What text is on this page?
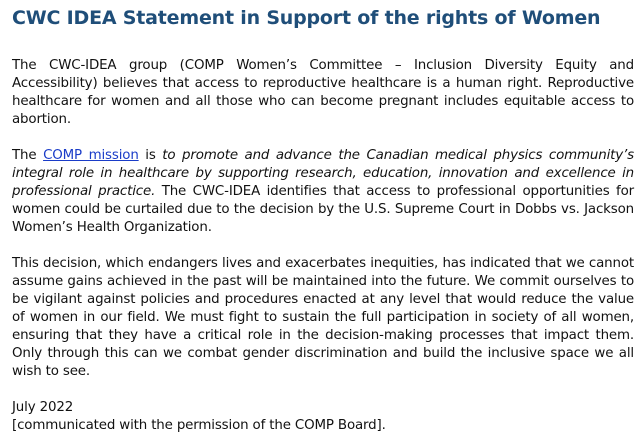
CWC IDEA Statement in Support of the rights of Women

The CWC-IDEA group (COMP Women’s Committee – Inclusion Diversity Equity and Accessibility) believes that access to reproductive healthcare is a human right. Reproductive healthcare for women and all those who can become pregnant includes equitable access to abortion.

The COMP mission is to promote and advance the Canadian medical physics community’s integral role in healthcare by supporting research, education, innovation and excellence in professional practice. The CWC-IDEA identifies that access to professional opportunities for women could be curtailed due to the decision by the U.S. Supreme Court in Dobbs vs. Jackson Women’s Health Organization.

This decision, which endangers lives and exacerbates inequities, has indicated that we cannot assume gains achieved in the past will be maintained into the future. We commit ourselves to be vigilant against policies and procedures enacted at any level that would reduce the value of women in our field. We must fight to sustain the full participation in society of all women, ensuring that they have a critical role in the decision-making processes that impact them. Only through this can we combat gender discrimination and build the inclusive space we all wish to see.

July 2022
[communicated with the permission of the COMP Board].
